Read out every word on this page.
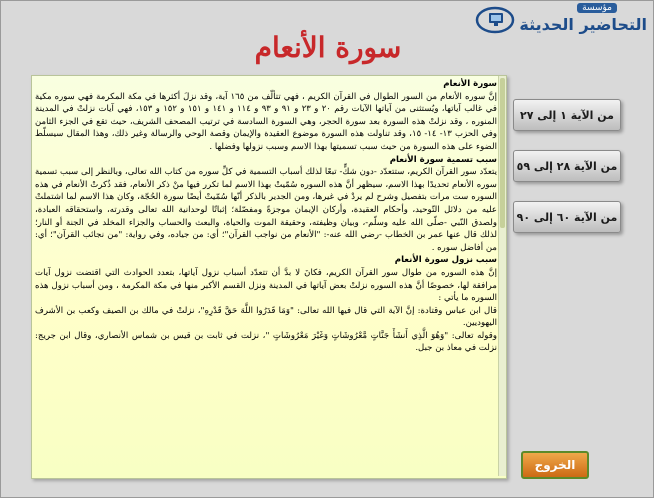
مؤسسة
التحاضير الحديثة
سورة الأنعام

سورة الأنعام

إنَّ سوره الأنعام من السور الطوال في القرآن الكريم ، فهي تتألّف من ١٦٥ آية، وقد نزلَ أكثرها في مكة المكرمة فهي سوره مكية في غالب آياتها، ويُستثنى من آياتها الآيات رقم ٢٠ و ٢٣ و ٩١ و ٩٣ و ١١٤ و ١٤١ و ١٥١ و ١٥٢ و ١٥٣، فهي آيات نزلتْ في المدينة المنوره ، وقد نزلتْ هذه السورة بعد سورة الحجر، وهي السورة السادسة في ترتيب المصحف الشريف، حيث تقع في الجزء الثامن وفي الحزب ١٣- ١٤- ١٥، وقد تناولت هذه السورة موضوع العقيدة والإيمان وقصة الوحي والرسالة وغير ذلك، وهذا المقال سيسلّط الضوء على هذه السورة من حيث سبب تسميتها بهذا الاسم وسبب نزولها وفضلها .

سبب تسمية سورة الأنعام

يتعدّد سور القرآن الكريم، ستتعدّد -دون شكٍّ- تبعًا لذلك أسباب التسمية في كلِّ سوره من كتاب الله تعالى، وبالنظر إلى سبب تسمية سوره الأنعام تحديدًا بهذا الاسم، سيظهر أنَّ هذه السوره سُمّيتْ بهذا الاسم لما تكرر فيها منْ ذكر الأنعام، فقد ذُكرتْ الأنعام في هذه السوره ست مرات بتفصيل وشرح لم يردْ في غيرها، ومن الجدير بالذكر أنّها سُمّيتْ أيضًا سورة الحُجّة، وكان هذا الاسم لما اشتملتْ عليه من دلائل التّوحيد، وأحكام العقيدة، وأركان الإيمان موجزةً ومفصّلة؛ إثباتًا لوحدانية الله تعالى وقدرته، واستحقاقه العبادة، ولصدق النّبي -صلّى الله عليه وسلّم-، وبيان وظيفته، وحقيقة الموت والحياة، والبعث والحساب والجزاء المخلد في الجنة أو النار؛ لذلك قال عنها عمر بن الخطاب -رضي الله عنه-: "الأنعام من نواجب القرآن"؛ أي: من جياده، وفي رواية: "من نجائب القرآن"؛ أي: من أفاضل سوره .

سبب نزول سورة الأنعام

إنَّ هذه السوره من طوال سور القرآن الكريم، فكانَ لا بدَّ أن تتعدّد أسباب نزول آياتها، بتعدد الحوادث التي اقتضت نزول آيات مرافقة لها، خصوصًا أنَّ هذه السوره نزلتْ بعض آياتها في المدينة ونزل القسم الأكبر منها في مكة المكرمة ، ومن أسباب نزول هذه السوره ما يأتي :

قال ابن عباس وقتادة: إنَّ الآية التي قال فيها الله تعالى: "وَمَا قَدَرُوا اللَّهَ حَقَّ قَدْرِهِ"، نزلتْ في مالك بن الصيف وكعب بن الأشرف اليهوديين.

وقوله تعالى: "وَهُوَ الَّذِي أَنشَأَ جَنَّاتٍ مَّعْرُوشَاتٍ وَغَيْرَ مَعْرُوشَاتٍ "، نزلت في ثابت بن قيس بن شماس الأنصاري، وقال ابن جريج: نزلت في معاذ بن جبل.

من الآية ١ إلى ٢٧
من الآية ٢٨ إلى ٥٩
من الآية ٦٠ إلى ٩٠
الخروج
